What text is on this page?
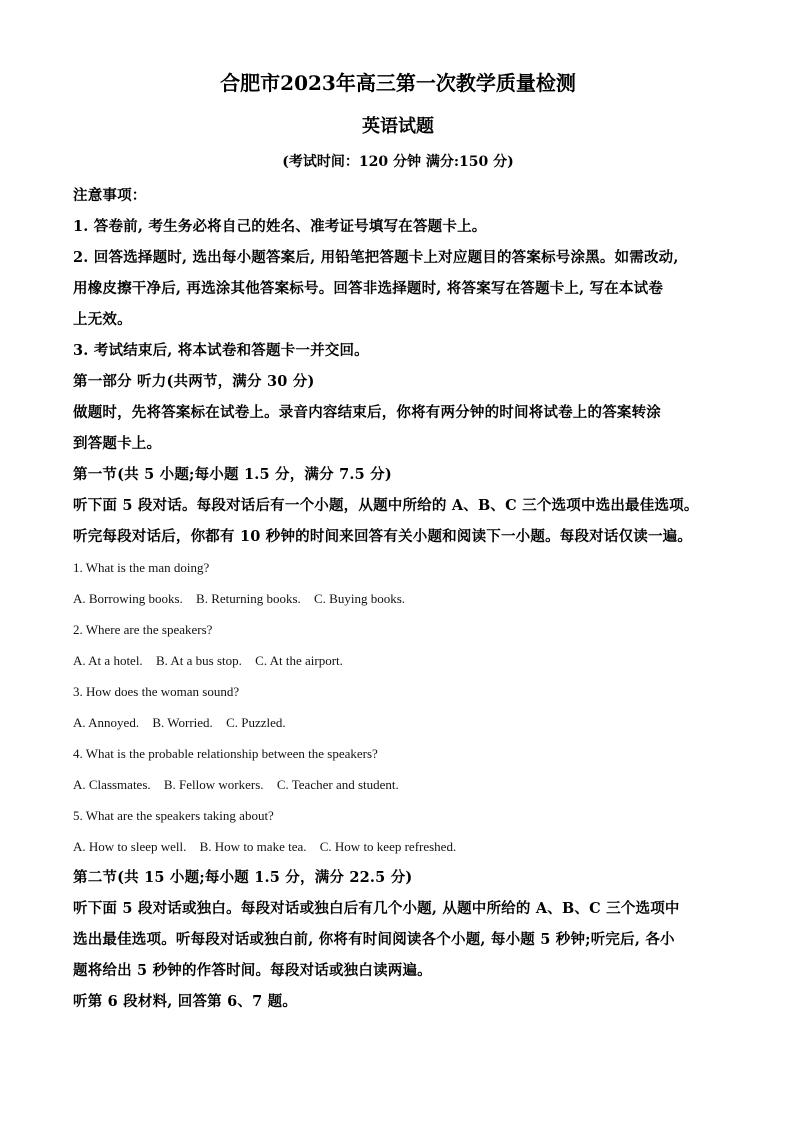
合肥市2023年高三第一次教学质量检测
英语试题
(考试时间：120 分钟 满分:150 分)

注意事项：

1. 答卷前, 考生务必将自己的姓名、准考证号填写在答题卡上。

2. 回答选择题时, 选出每小题答案后, 用铅笔把答题卡上对应题目的答案标号涂黑。如需改动,

用橡皮擦干净后, 再选涂其他答案标号。回答非选择题时, 将答案写在答题卡上, 写在本试卷

上无效。

3. 考试结束后, 将本试卷和答题卡一并交回。

第一部分 听力(共两节，满分 30 分)

做题时，先将答案标在试卷上。录音内容结束后，你将有两分钟的时间将试卷上的答案转涂

到答题卡上。

第一节(共 5 小题;每小题 1.5 分，满分 7.5 分)

听下面 5 段对话。每段对话后有一个小题，从题中所给的 A、B、C 三个选项中选出最佳选项。

听完每段对话后，你都有 10 秒钟的时间来回答有关小题和阅读下一小题。每段对话仅读一遍。

1. What is the man doing?

A. Borrowing books. B. Returning books. C. Buying books.

2. Where are the speakers?

A. At a hotel. B. At a bus stop. C. At the airport.

3. How does the woman sound?

A. Annoyed. B. Worried. C. Puzzled.

4. What is the probable relationship between the speakers?

A. Classmates. B. Fellow workers. C. Teacher and student.

5. What are the speakers taking about?

A. How to sleep well. B. How to make tea. C. How to keep refreshed.

第二节(共 15 小题;每小题 1.5 分，满分 22.5 分)

听下面 5 段对话或独白。每段对话或独白后有几个小题, 从题中所给的 A、B、C 三个选项中

选出最佳选项。听每段对话或独白前, 你将有时间阅读各个小题, 每小题 5 秒钟;听完后, 各小

题将给出 5 秒钟的作答时间。每段对话或独白读两遍。

听第 6 段材料, 回答第 6、7 题。
